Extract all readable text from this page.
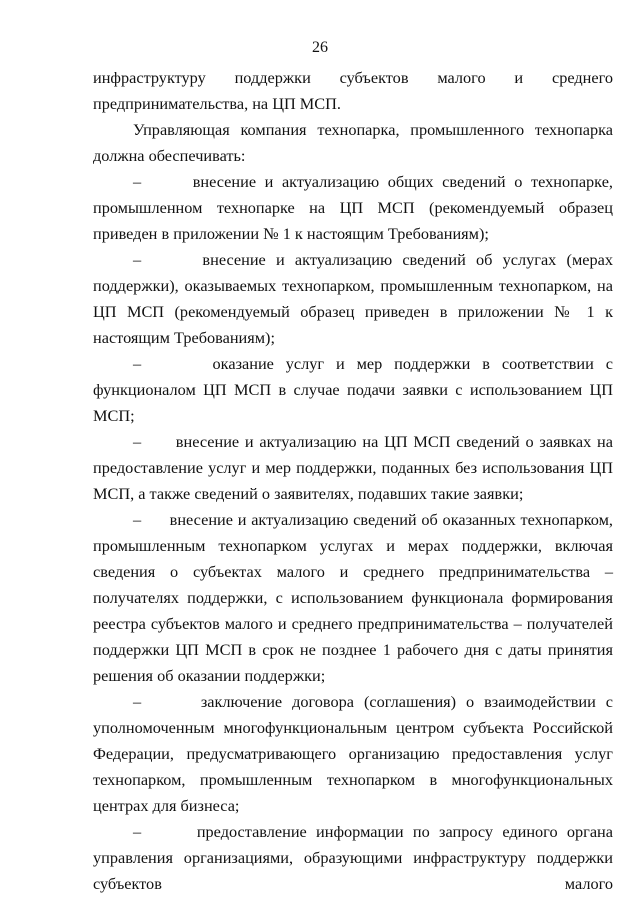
26

инфраструктуру поддержки субъектов малого и среднего предпринимательства, на ЦП МСП.

Управляющая компания технопарка, промышленного технопарка должна обеспечивать:

–      внесение и актуализацию общих сведений о технопарке, промышленном технопарке на ЦП МСП (рекомендуемый образец приведен в приложении № 1 к настоящим Требованиям);

–      внесение и актуализацию сведений об услугах (мерах поддержки), оказываемых технопарком, промышленным технопарком, на ЦП МСП (рекомендуемый образец приведен в приложении № 1 к настоящим Требованиям);

–      оказание услуг и мер поддержки в соответствии с функционалом ЦП МСП в случае подачи заявки с использованием ЦП МСП;

–      внесение и актуализацию на ЦП МСП сведений о заявках на предоставление услуг и мер поддержки, поданных без использования ЦП МСП, а также сведений о заявителях, подавших такие заявки;

–      внесение и актуализацию сведений об оказанных технопарком, промышленным технопарком услугах и мерах поддержки, включая сведения о субъектах малого и среднего предпринимательства – получателях поддержки, с использованием функционала формирования реестра субъектов малого и среднего предпринимательства – получателей поддержки ЦП МСП в срок не позднее 1 рабочего дня с даты принятия решения об оказании поддержки;

–      заключение договора (соглашения) о взаимодействии с уполномоченным многофункциональным центром субъекта Российской Федерации, предусматривающего организацию предоставления услуг технопарком, промышленным технопарком в многофункциональных центрах для бизнеса;

–      предоставление информации по запросу единого органа управления организациями, образующими инфраструктуру поддержки субъектов малого
